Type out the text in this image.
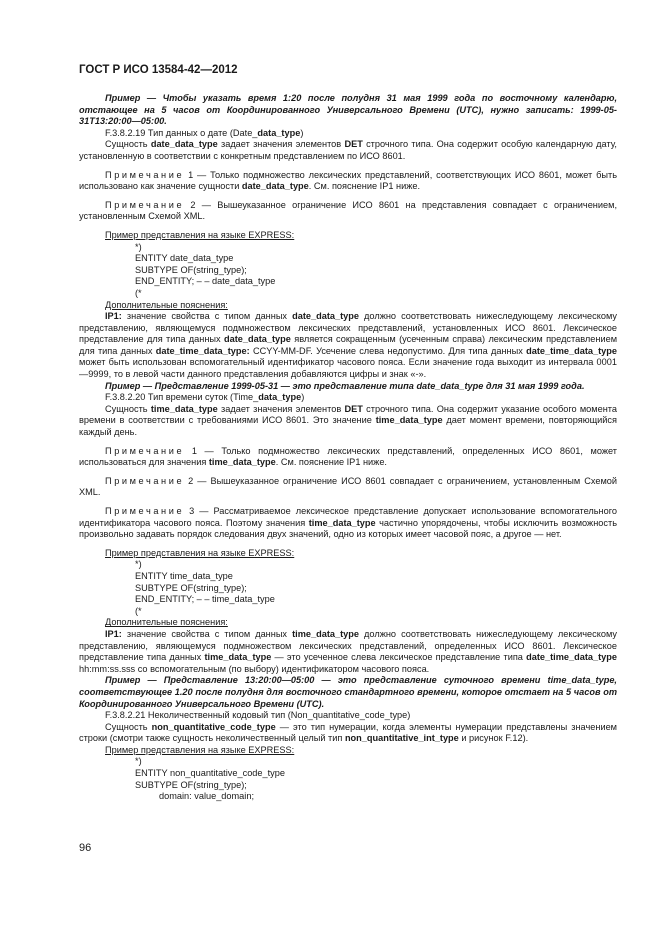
ГОСТ Р ИСО 13584-42—2012

Пример — Чтобы указать время 1:20 после полудня 31 мая 1999 года по восточному календарю, отстающее на 5 часов от Координированного Универсального Времени (UTC), нужно записать: 1999-05-31T13:20:00—05:00.

F.3.8.2.19 Тип данных о дате (Date_data_type)

Сущность date_data_type задает значения элементов DET строчного типа. Она содержит особую календарную дату, установленную в соответствии с конкретным представлением по ИСО 8601.

Примечание 1 — Только подмножество лексических представлений, соответствующих ИСО 8601, может быть использовано как значение сущности date_data_type. См. пояснение IP1 ниже.

Примечание 2 — Вышеуказанное ограничение ИСО 8601 на представления совпадает с ограничением, установленным Схемой XML.

Пример представления на языке EXPRESS:

*)
ENTITY date_data_type
SUBTYPE OF(string_type);
END_ENTITY; – – date_data_type
(*

Дополнительные пояснения:

IP1: значение свойства с типом данных date_data_type должно соответствовать нижеследующему лексическому представлению, являющемуся подмножеством лексических представлений, установленных ИСО 8601. Лексическое представление для типа данных date_data_type является сокращенным (усеченным справа) лексическим представлением для типа данных date_time_data_type: CCYY-MM-DF. Усечение слева недопустимо. Для типа данных date_time_data_type может быть использован вспомогательный идентификатор часового пояса. Если значение года выходит из интервала 0001—9999, то в левой части данного представления добавляются цифры и знак «-».

Пример — Представление 1999-05-31 — это представление типа date_data_type для 31 мая 1999 года.

F.3.8.2.20 Тип времени суток (Time_data_type)

Сущность time_data_type задает значения элементов DET строчного типа. Она содержит указание особого момента времени в соответствии с требованиями ИСО 8601. Это значение time_data_type дает момент времени, повторяющийся каждый день.

Примечание 1 — Только подмножество лексических представлений, определенных ИСО 8601, может использоваться для значения time_data_type. См. пояснение IP1 ниже.

Примечание 2 — Вышеуказанное ограничение ИСО 8601 совпадает с ограничением, установленным Схемой XML.

Примечание 3 — Рассматриваемое лексическое представление допускает использование вспомогательного идентификатора часового пояса. Поэтому значения time_data_type частично упорядочены, чтобы исключить возможность произвольно задавать порядок следования двух значений, одно из которых имеет часовой пояс, а другое — нет.

Пример представления на языке EXPRESS:

*)
ENTITY time_data_type
SUBTYPE OF(string_type);
END_ENTITY; – – time_data_type
(*

Дополнительные пояснения:

IP1: значение свойства с типом данных time_data_type должно соответствовать нижеследующему лексическому представлению, являющемуся подмножеством лексических представлений, определенных ИСО 8601. Лексическое представление типа данных time_data_type — это усеченное слева лексическое представление типа date_time_data_type hh:mm:ss.sss со вспомогательным (по выбору) идентификатором часового пояса.

Пример — Представление 13:20:00—05:00 — это представление суточного времени time_data_type, соответствующее 1.20 после полудня для восточного стандартного времени, которое отстает на 5 часов от Координированного Универсального Времени (UTC).

F.3.8.2.21 Неколичественный кодовый тип (Non_quantitative_code_type)

Сущность non_quantitative_code_type — это тип нумерации, когда элементы нумерации представлены значением строки (смотри также сущность неколичественный целый тип non_quantitative_int_type и рисунок F.12).

Пример представления на языке EXPRESS:

*)
ENTITY non_quantitative_code_type
SUBTYPE OF(string_type);
domain: value_domain;
96
